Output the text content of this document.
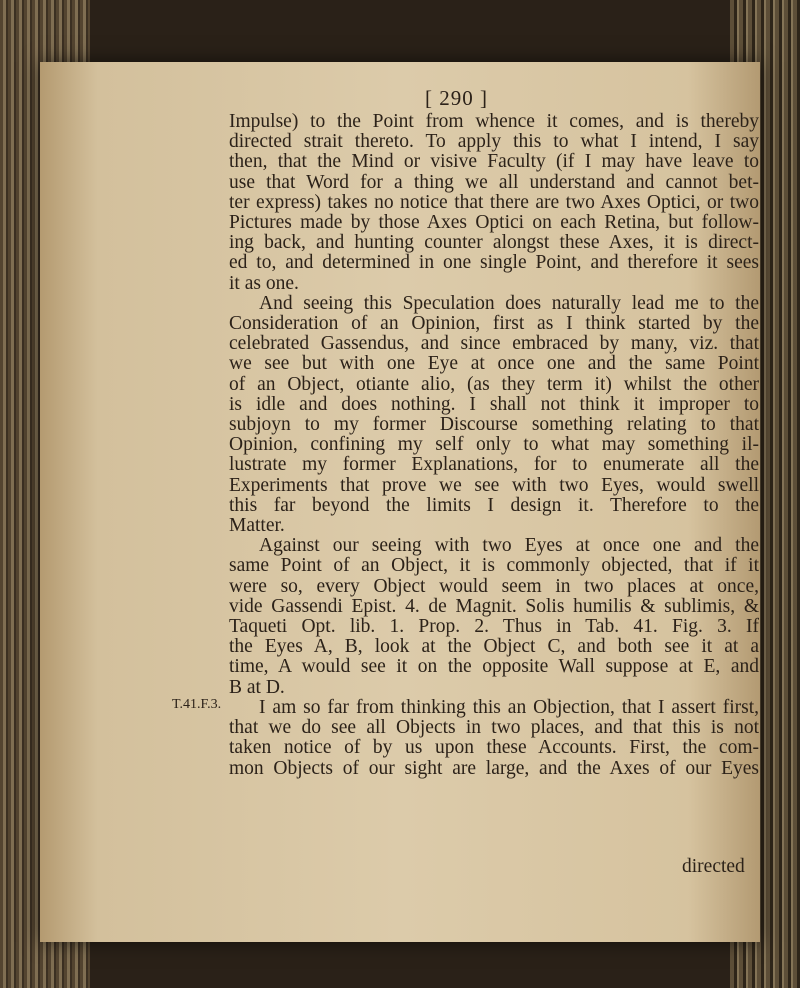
[ 290 ]
T.41.F.3.
Impulse) to the Point from whence it comes, and is thereby
directed strait thereto. To apply this to what I intend, I say
then, that the Mind or visive Faculty (if I may have leave to
use that Word for a thing we all understand and cannot bet-
ter express) takes no notice that there are two Axes Optici, or two
Pictures made by those Axes Optici on each Retina, but follow-
ing back, and hunting counter alongst these Axes, it is direct-
ed to, and determined in one single Point, and therefore it sees
it as one.
And seeing this Speculation does naturally lead me to the
Consideration of an Opinion, first as I think started by the
celebrated Gassendus, and since embraced by many, viz. that
we see but with one Eye at once one and the same Point
of an Object, otiante alio, (as they term it) whilst the other
is idle and does nothing. I shall not think it improper to
subjoyn to my former Discourse something relating to that
Opinion, confining my self only to what may something il-
lustrate my former Explanations, for to enumerate all the
Experiments that prove we see with two Eyes, would swell
this far beyond the limits I design it. Therefore to the
Matter.
Against our seeing with two Eyes at once one and the
same Point of an Object, it is commonly objected, that if it
were so, every Object would seem in two places at once,
vide Gassendi Epist. 4. de Magnit. Solis humilis & sublimis, &
Taqueti Opt. lib. 1. Prop. 2. Thus in Tab. 41. Fig. 3. If
the Eyes A, B, look at the Object C, and both see it at a
time, A would see it on the opposite Wall suppose at E, and
B at D.
I am so far from thinking this an Objection, that I assert first,
that we do see all Objects in two places, and that this is not
taken notice of by us upon these Accounts. First, the com-
mon Objects of our sight are large, and the Axes of our Eyes
directed
